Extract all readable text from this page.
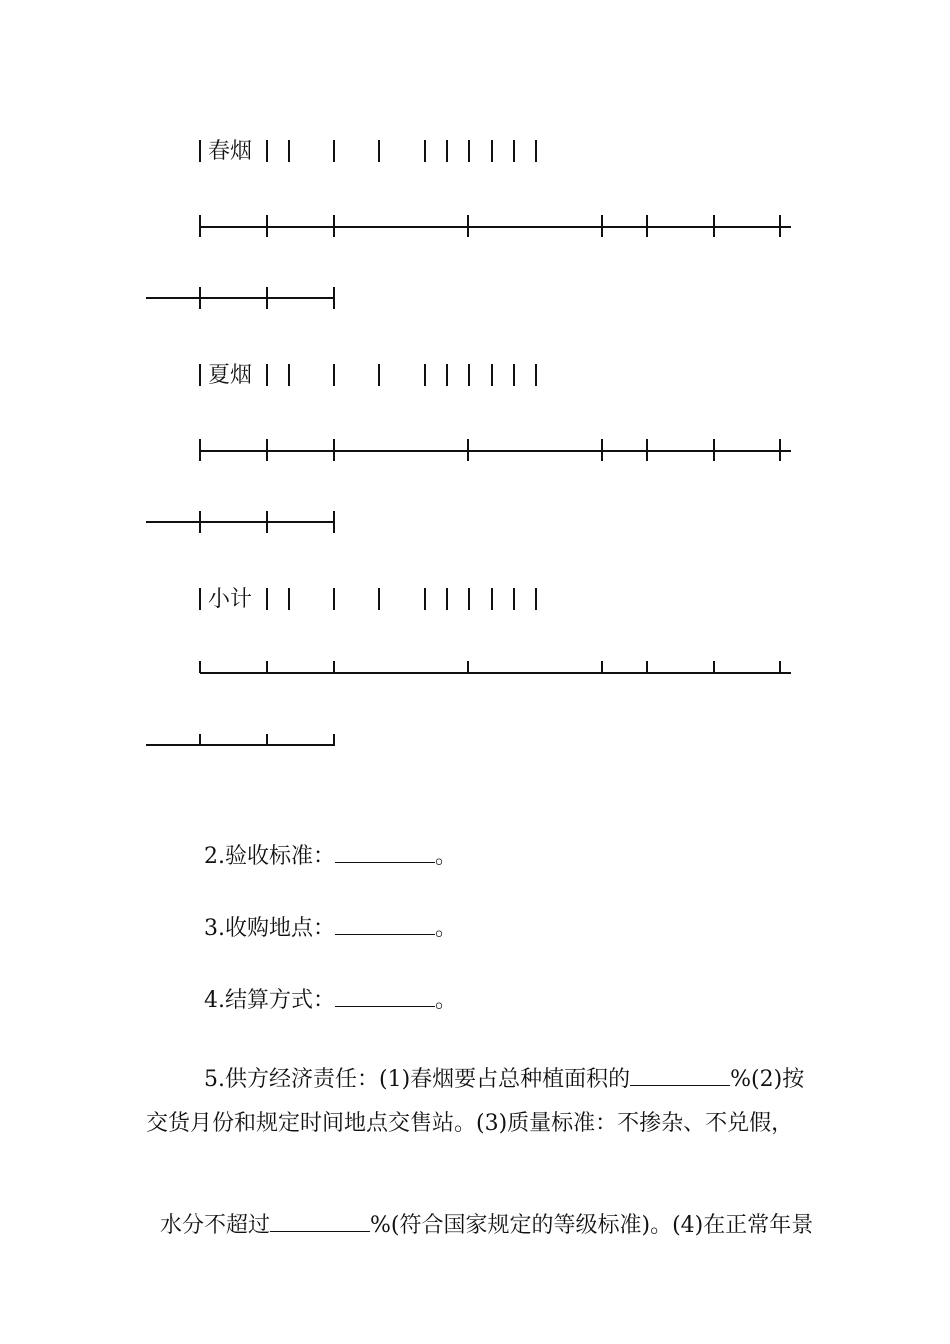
春烟
夏烟
小计

2.验收标准：	。

3.收购地点：	。

4.结算方式：	。

5.供方经济责任：(1)春烟要占总种植面积的	%(2)按

交货月份和规定时间地点交售站。(3)质量标准：不掺杂、不兑假，

水分不超过	%(符合国家规定的等级标准)。(4)在正常年景
